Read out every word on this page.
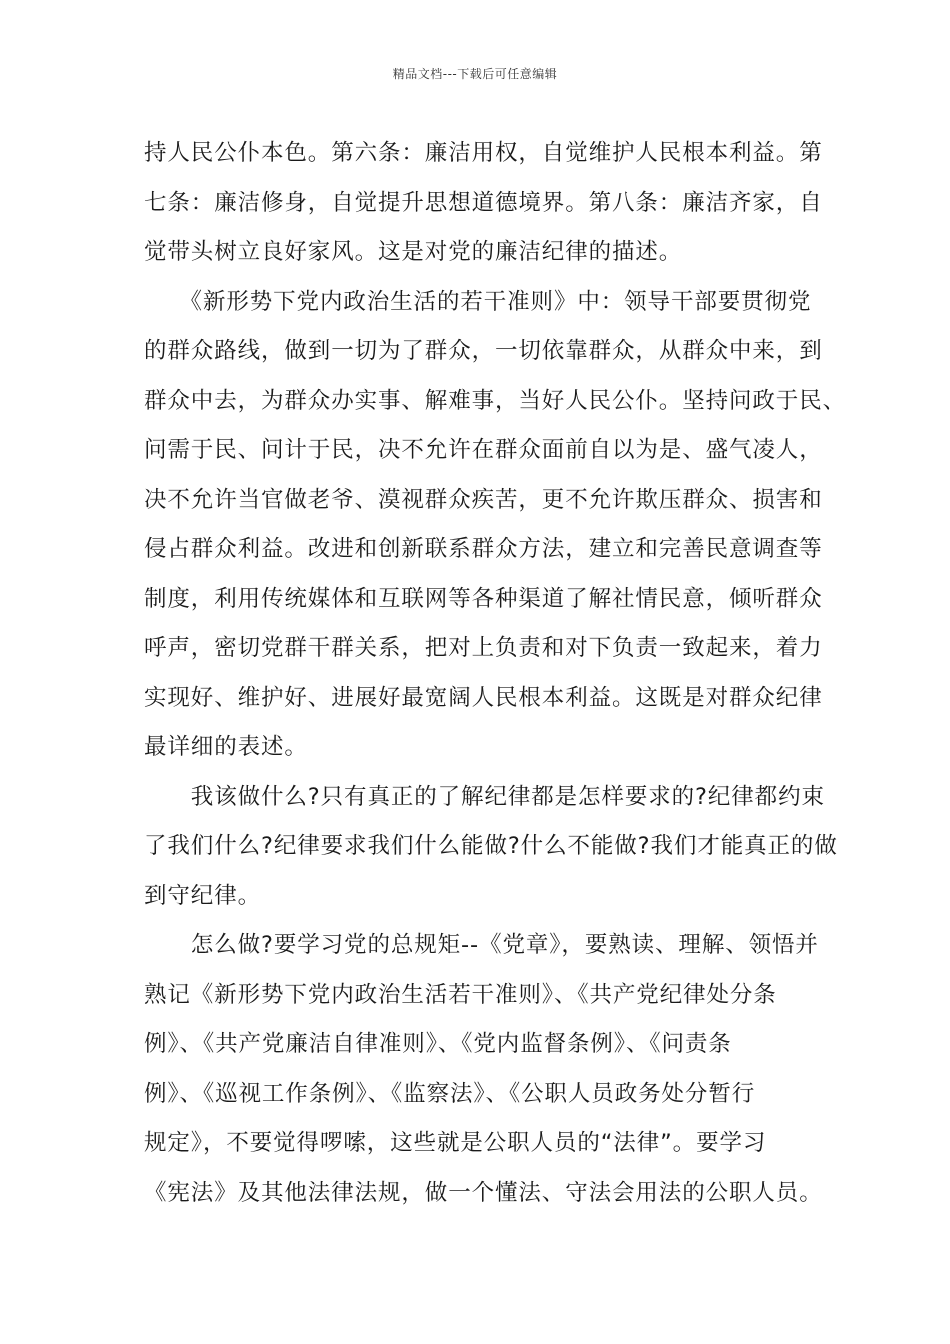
精品文档---下载后可任意编辑
持人民公仆本色。第六条：廉洁用权，自觉维护人民根本利益。第
七条：廉洁修身，自觉提升思想道德境界。第八条：廉洁齐家，自
觉带头树立良好家风。这是对党的廉洁纪律的描述。
　　《新形势下党内政治生活的若干准则》中：领导干部要贯彻党
的群众路线，做到一切为了群众，一切依靠群众，从群众中来，到
群众中去，为群众办实事、解难事，当好人民公仆。坚持问政于民、
问需于民、问计于民，决不允许在群众面前自以为是、盛气凌人，
决不允许当官做老爷、漠视群众疾苦，更不允许欺压群众、损害和
侵占群众利益。改进和创新联系群众方法，建立和完善民意调查等
制度，利用传统媒体和互联网等各种渠道了解社情民意，倾听群众
呼声，密切党群干群关系，把对上负责和对下负责一致起来，着力
实现好、维护好、进展好最宽阔人民根本利益。这既是对群众纪律
最详细的表述。
　　我该做什么?只有真正的了解纪律都是怎样要求的?纪律都约束
了我们什么?纪律要求我们什么能做?什么不能做?我们才能真正的做
到守纪律。
　　怎么做?要学习党的总规矩--《党章》，要熟读、理解、领悟并
熟记《新形势下党内政治生活若干准则》、《共产党纪律处分条
例》、《共产党廉洁自律准则》、《党内监督条例》、《问责条
例》、《巡视工作条例》、《监察法》、《公职人员政务处分暂行
规定》，不要觉得啰嗦，这些就是公职人员的“法律”。要学习
《宪法》及其他法律法规，做一个懂法、守法会用法的公职人员。
